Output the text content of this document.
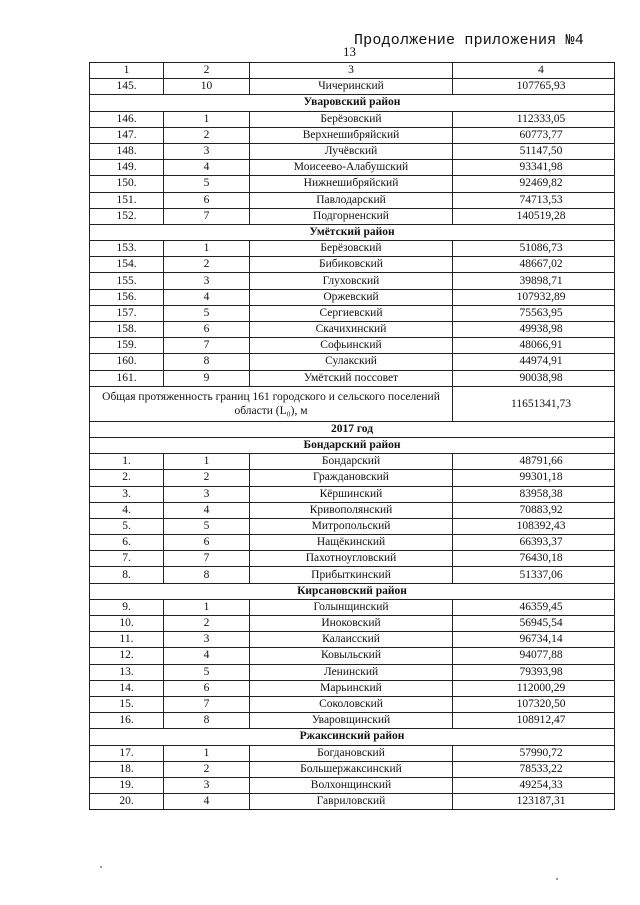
Продолжение приложения №4
13
1	2	3	4
145.	10	Чичеринский	107765,93
Уваровский район			
146.	1	Берёзовский	112333,05
147.	2	Верхнешибряйский	60773,77
148.	3	Лучёвский	51147,50
149.	4	Моисеево-Алабушский	93341,98
150.	5	Нижнешибряйский	92469,82
151.	6	Павлодарский	74713,53
152.	7	Подгорненский	140519,28
Умётский район			
153.	1	Берёзовский	51086,73
154.	2	Бибиковский	48667,02
155.	3	Глуховский	39898,71
156.	4	Оржевский	107932,89
157.	5	Сергиевский	75563,95
158.	6	Скачихинский	49938,98
159.	7	Софьинский	48066,91
160.	8	Сулакский	44974,91
161.	9	Умётский поссовет	90038,98
Общая протяженность границ 161 городского и сельского поселений области (L₀), м			11651341,73
2017 год			
Бондарский район			
1.	1	Бондарский	48791,66
2.	2	Граждановский	99301,18
3.	3	Кёршинский	83958,38
4.	4	Кривополянский	70883,92
5.	5	Митропольский	108392,43
6.	6	Нащёкинский	66393,37
7.	7	Пахотноугловский	76430,18
8.	8	Прибыткинский	51337,06
Кирсановский район			
9.	1	Голынщинский	46359,45
10.	2	Иноковский	56945,54
11.	3	Калаисский	96734,14
12.	4	Ковыльский	94077,88
13.	5	Ленинский	79393,98
14.	6	Марьинский	112000,29
15.	7	Соколовский	107320,50
16.	8	Уваровщинский	108912,47
Ржаксинский район			
17.	1	Богдановский	57990,72
18.	2	Большержаксинский	78533,22
19.	3	Волхонщинский	49254,33
20.	4	Гавриловский	123187,31
